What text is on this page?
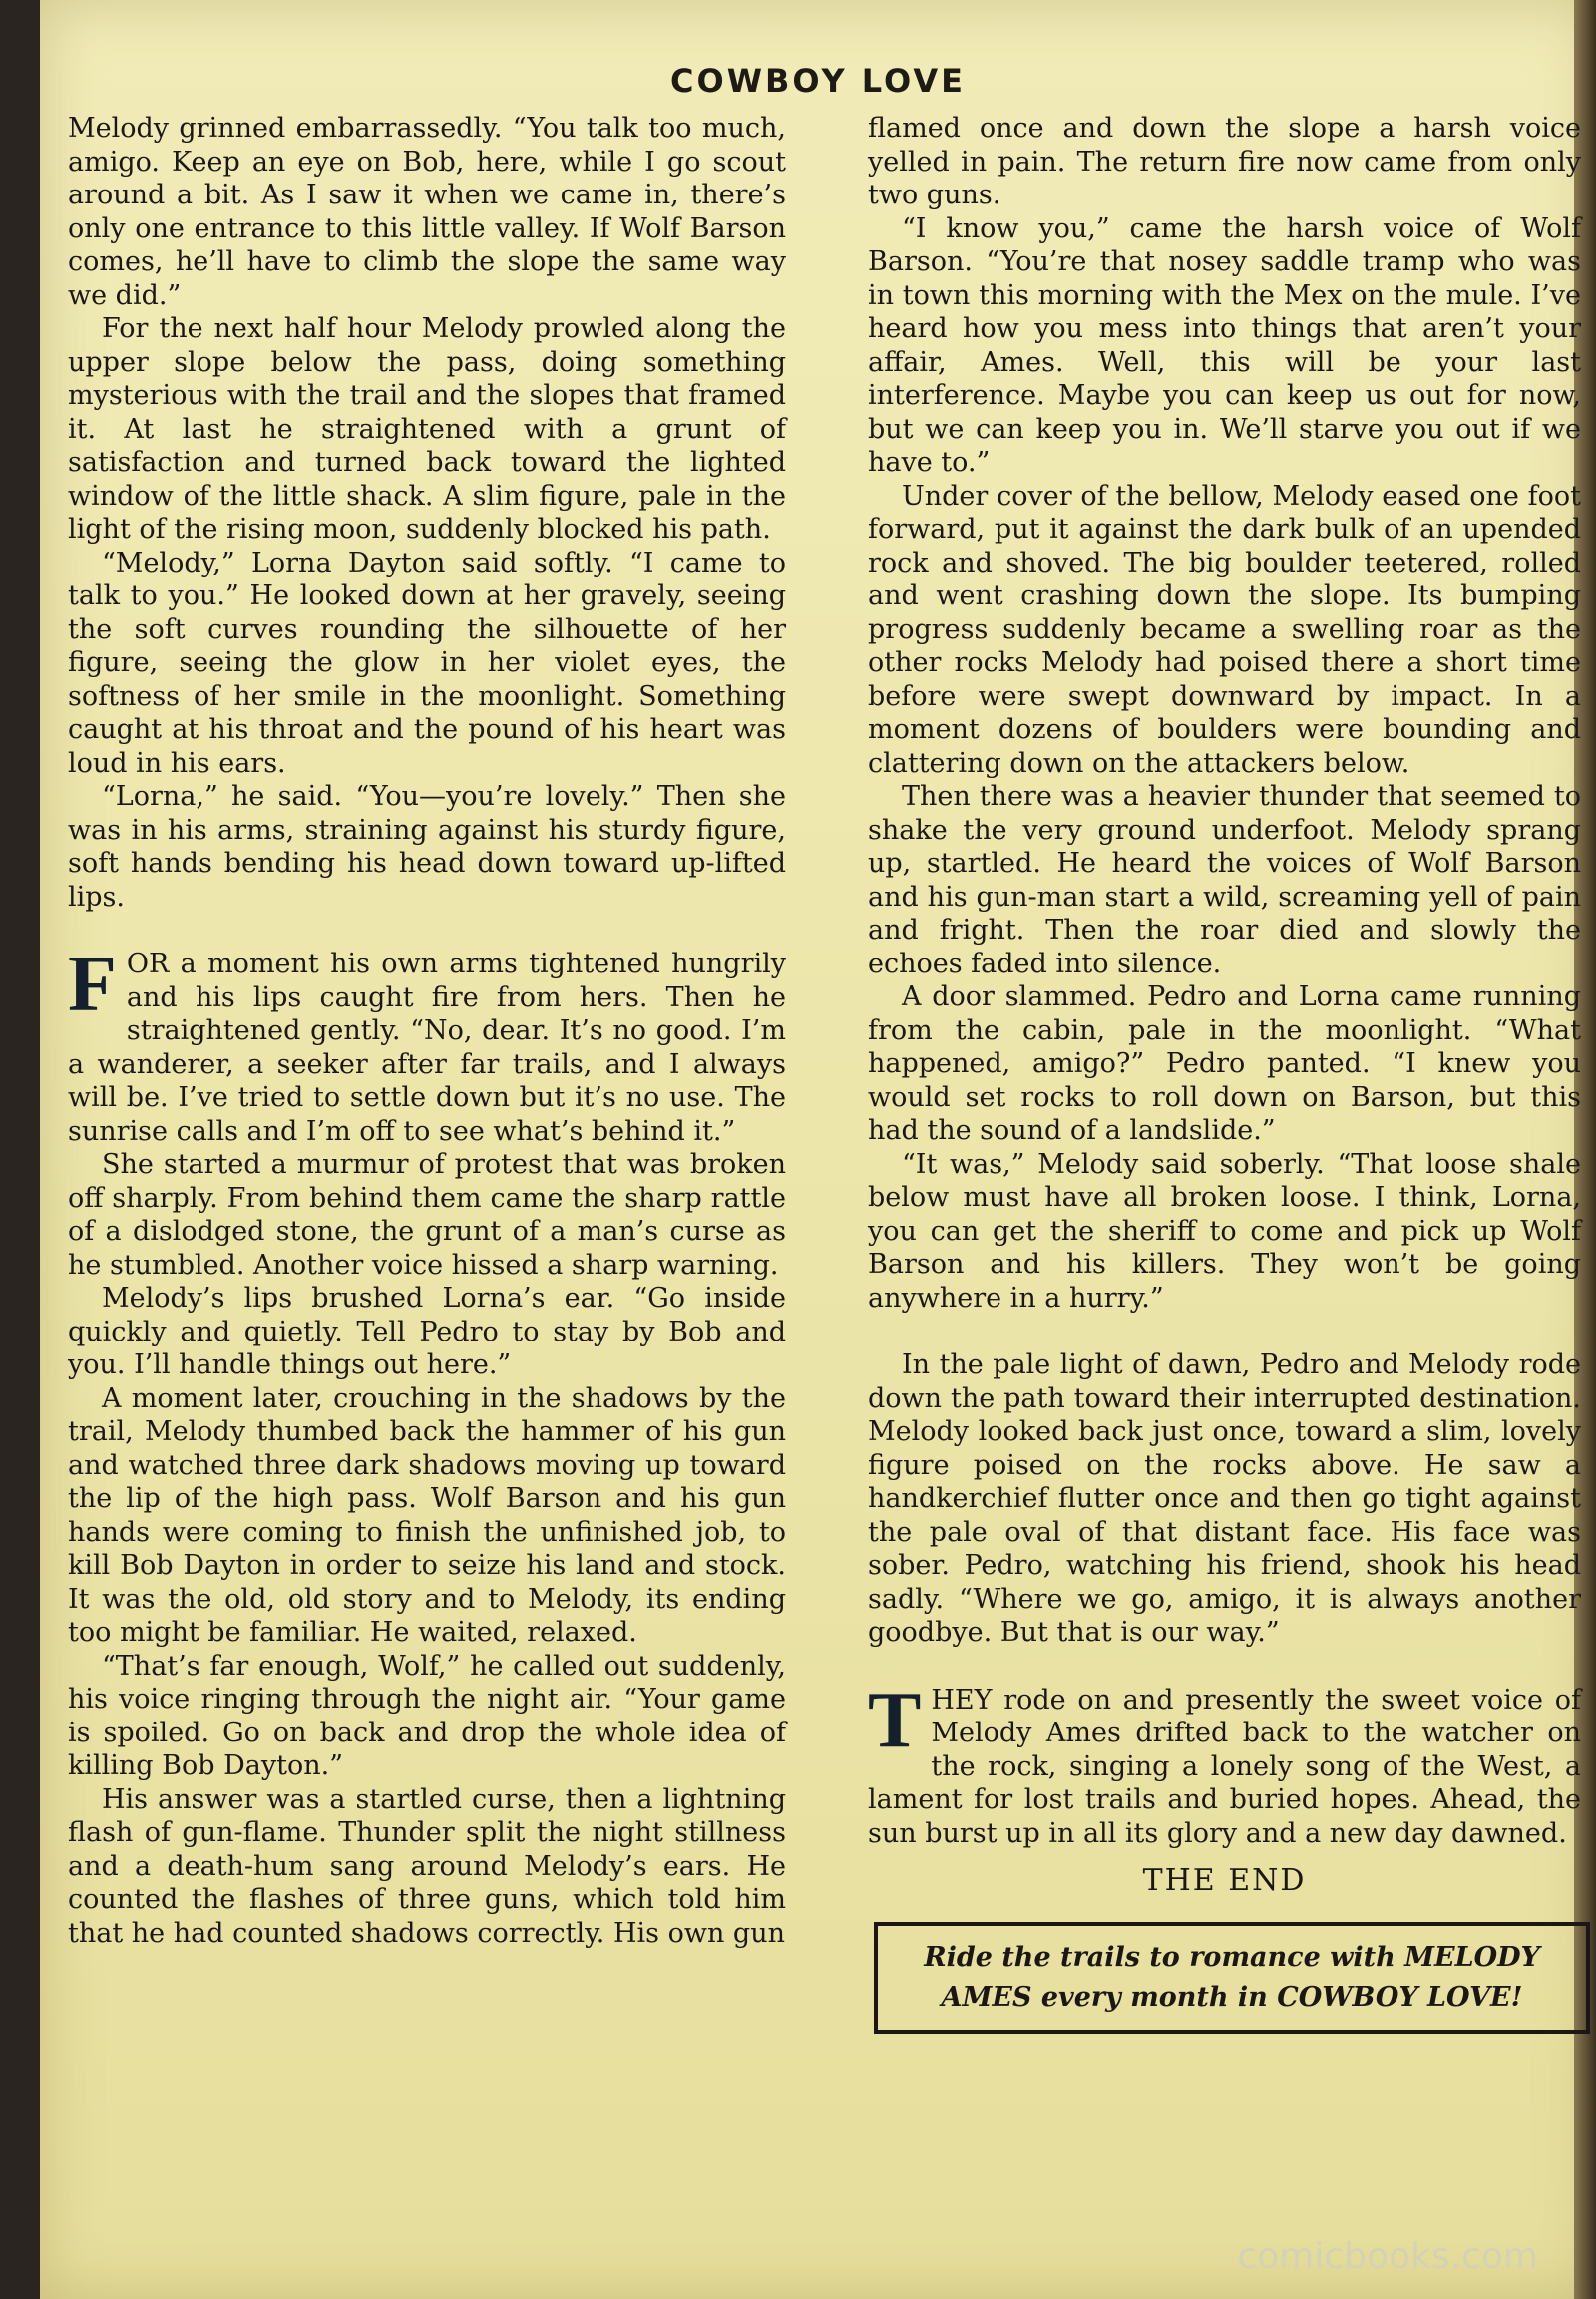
COWBOY LOVE

Melody grinned embarrassedly. “You talk too much, amigo. Keep an eye on Bob, here, while I go scout around a bit. As I saw it when we came in, there’s only one entrance to this little valley. If Wolf Barson comes, he’ll have to climb the slope the same way we did.”

For the next half hour Melody prowled along the upper slope below the pass, doing something mysterious with the trail and the slopes that framed it. At last he straightened with a grunt of satisfaction and turned back toward the lighted window of the little shack. A slim figure, pale in the light of the rising moon, suddenly blocked his path.

“Melody,” Lorna Dayton said softly. “I came to talk to you.” He looked down at her gravely, seeing the soft curves rounding the silhouette of her figure, seeing the glow in her violet eyes, the softness of her smile in the moonlight. Something caught at his throat and the pound of his heart was loud in his ears.

“Lorna,” he said. “You—you’re lovely.” Then she was in his arms, straining against his sturdy figure, soft hands bending his head down toward up-lifted lips.

FOR a moment his own arms tightened hungrily and his lips caught fire from hers. Then he straightened gently. “No, dear. It’s no good. I’m a wanderer, a seeker after far trails, and I always will be. I’ve tried to settle down but it’s no use. The sunrise calls and I’m off to see what’s behind it.”

She started a murmur of protest that was broken off sharply. From behind them came the sharp rattle of a dislodged stone, the grunt of a man’s curse as he stumbled. Another voice hissed a sharp warning.

Melody’s lips brushed Lorna’s ear. “Go inside quickly and quietly. Tell Pedro to stay by Bob and you. I’ll handle things out here.”

A moment later, crouching in the shadows by the trail, Melody thumbed back the hammer of his gun and watched three dark shadows moving up toward the lip of the high pass. Wolf Barson and his gun hands were coming to finish the unfinished job, to kill Bob Dayton in order to seize his land and stock. It was the old, old story and to Melody, its ending too might be familiar. He waited, relaxed.

“That’s far enough, Wolf,” he called out suddenly, his voice ringing through the night air. “Your game is spoiled. Go on back and drop the whole idea of killing Bob Dayton.”

His answer was a startled curse, then a lightning flash of gun-flame. Thunder split the night stillness and a death-hum sang around Melody’s ears. He counted the flashes of three guns, which told him that he had counted shadows correctly. His own gun

flamed once and down the slope a harsh voice yelled in pain. The return fire now came from only two guns.

“I know you,” came the harsh voice of Wolf Barson. “You’re that nosey saddle tramp who was in town this morning with the Mex on the mule. I’ve heard how you mess into things that aren’t your affair, Ames. Well, this will be your last interference. Maybe you can keep us out for now, but we can keep you in. We’ll starve you out if we have to.”

Under cover of the bellow, Melody eased one foot forward, put it against the dark bulk of an upended rock and shoved. The big boulder teetered, rolled and went crashing down the slope. Its bumping progress suddenly became a swelling roar as the other rocks Melody had poised there a short time before were swept downward by impact. In a moment dozens of boulders were bounding and clattering down on the attackers below.

Then there was a heavier thunder that seemed to shake the very ground underfoot. Melody sprang up, startled. He heard the voices of Wolf Barson and his gun-man start a wild, screaming yell of pain and fright. Then the roar died and slowly the echoes faded into silence.

A door slammed. Pedro and Lorna came running from the cabin, pale in the moonlight. “What happened, amigo?” Pedro panted. “I knew you would set rocks to roll down on Barson, but this had the sound of a landslide.”

“It was,” Melody said soberly. “That loose shale below must have all broken loose. I think, Lorna, you can get the sheriff to come and pick up Wolf Barson and his killers. They won’t be going anywhere in a hurry.”

In the pale light of dawn, Pedro and Melody rode down the path toward their interrupted destination. Melody looked back just once, toward a slim, lovely figure poised on the rocks above. He saw a handkerchief flutter once and then go tight against the pale oval of that distant face. His face was sober. Pedro, watching his friend, shook his head sadly. “Where we go, amigo, it is always another goodbye. But that is our way.”

THEY rode on and presently the sweet voice of Melody Ames drifted back to the watcher on the rock, singing a lonely song of the West, a lament for lost trails and buried hopes. Ahead, the sun burst up in all its glory and a new day dawned.

THE END
Ride the trails to romance with MELODY AMES every month in COWBOY LOVE!
comicbooks.com
